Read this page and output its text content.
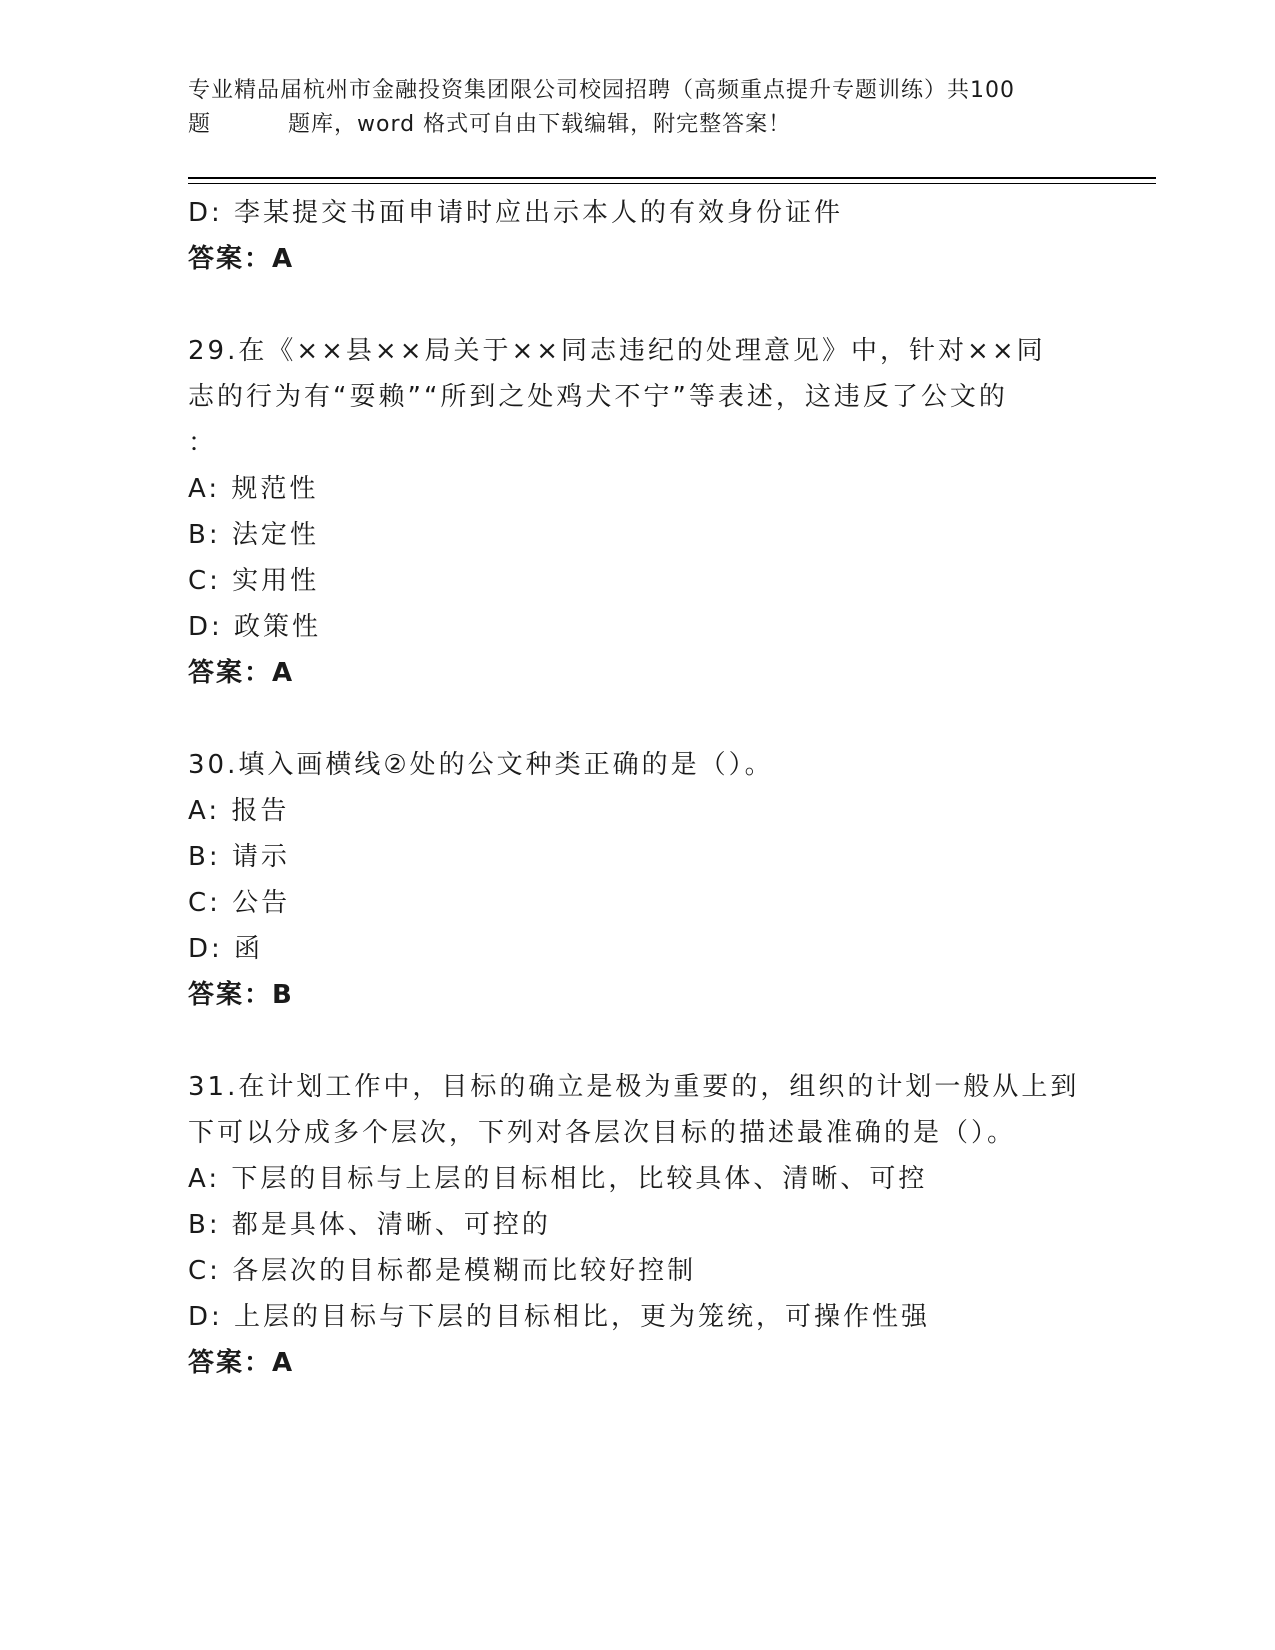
专业精品届杭州市金融投资集团限公司校园招聘（高频重点提升专题训练）共100
题	题库，word 格式可自由下载编辑，附完整答案！
D: 李某提交书面申请时应出示本人的有效身份证件
答案：A
29.在《××县××局关于××同志违纪的处理意见》中，针对××同
志的行为有“耍赖”“所到之处鸡犬不宁”等表述，这违反了公文的
：
A: 规范性
B: 法定性
C: 实用性
D: 政策性
答案：A
30.填入画横线②处的公文种类正确的是（）。
A: 报告
B: 请示
C: 公告
D: 函
答案：B
31.在计划工作中，目标的确立是极为重要的，组织的计划一般从上到
下可以分成多个层次，下列对各层次目标的描述最准确的是（）。
A: 下层的目标与上层的目标相比，比较具体、清晰、可控
B: 都是具体、清晰、可控的
C: 各层次的目标都是模糊而比较好控制
D: 上层的目标与下层的目标相比，更为笼统，可操作性强
答案：A
